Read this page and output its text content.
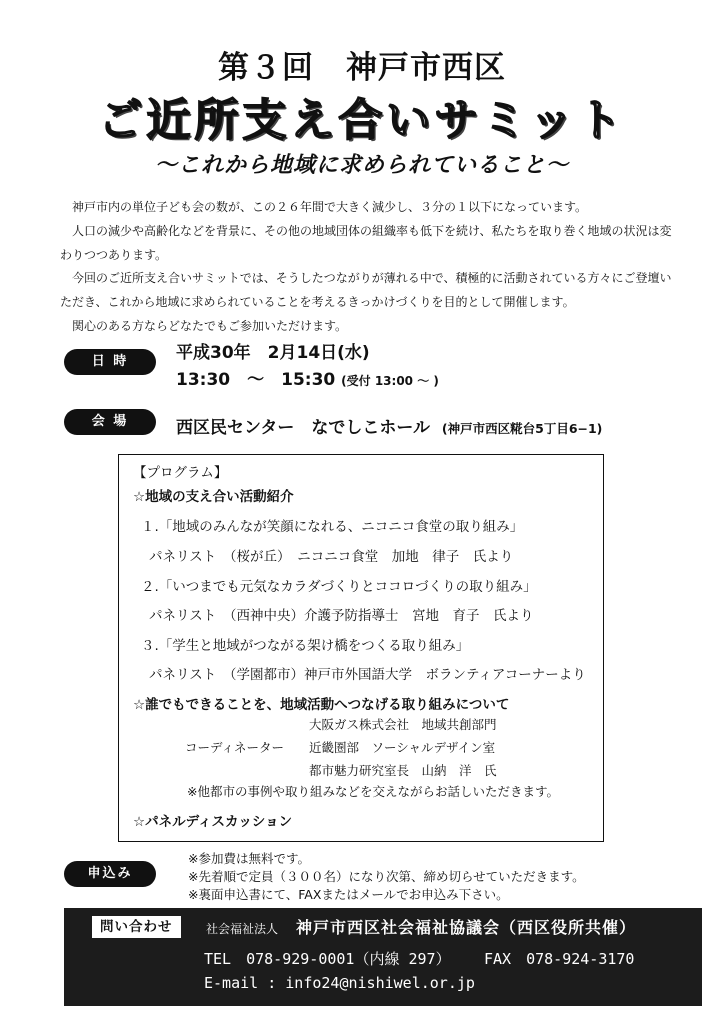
第３回　神戸市西区
ご近所支え合いサミット
〜これから地域に求められていること〜

神戸市内の単位子ども会の数が、この２６年間で大きく減少し、３分の１以下になっています。

人口の減少や高齢化などを背景に、その他の地域団体の組織率も低下を続け、私たちを取り巻く地域の状況は変わりつつあります。

今回のご近所支え合いサミットでは、そうしたつながりが薄れる中で、積極的に活動されている方々にご登壇いただき、これから地域に求められていることを考えるきっかけづくりを目的として開催します。

関心のある方ならどなたでもご参加いただけます。

日 時	平成30年　2月14日(水)
13:30　〜　15:30 (受付 13:00 〜 )
会 場	西区民センター　なでしこホール (神戸市西区糀台5丁目6−1)
【プログラム】
☆地域の支え合い活動紹介
１.「地域のみんなが笑顔になれる、ニコニコ食堂の取り組み」
パネリスト　（桜が丘）　ニコニコ食堂　加地　律子　氏より
２.「いつまでも元気なカラダづくりとココロづくりの取り組み」
パネリスト　（西神中央）介護予防指導士　宮地　育子　氏より
３.「学生と地域がつながる架け橋をつくる取り組み」
パネリスト　（学園都市）神戸市外国語大学　ボランティアコーナーより
☆誰でもできることを、地域活動へつなげる取り組みについて
大阪ガス株式会社　地域共創部門
コーディネーター 近畿圏部　ソーシャルデザイン室
都市魅力研究室長　山納　洋　氏
※他都市の事例や取り組みなどを交えながらお話しいただきます。
☆パネルディスカッション
申込み
※参加費は無料です。
※先着順で定員（３００名）になり次第、締め切らせていただきます。
※裏面申込書にて、FAXまたはメールでお申込み下さい。
問い合わせ	社会福祉法人 神戸市西区社会福祉協議会（西区役所共催）
TEL　078-929-0001（内線 297） FAX　078-924-3170
E-mail : info24@nishiwel.or.jp
